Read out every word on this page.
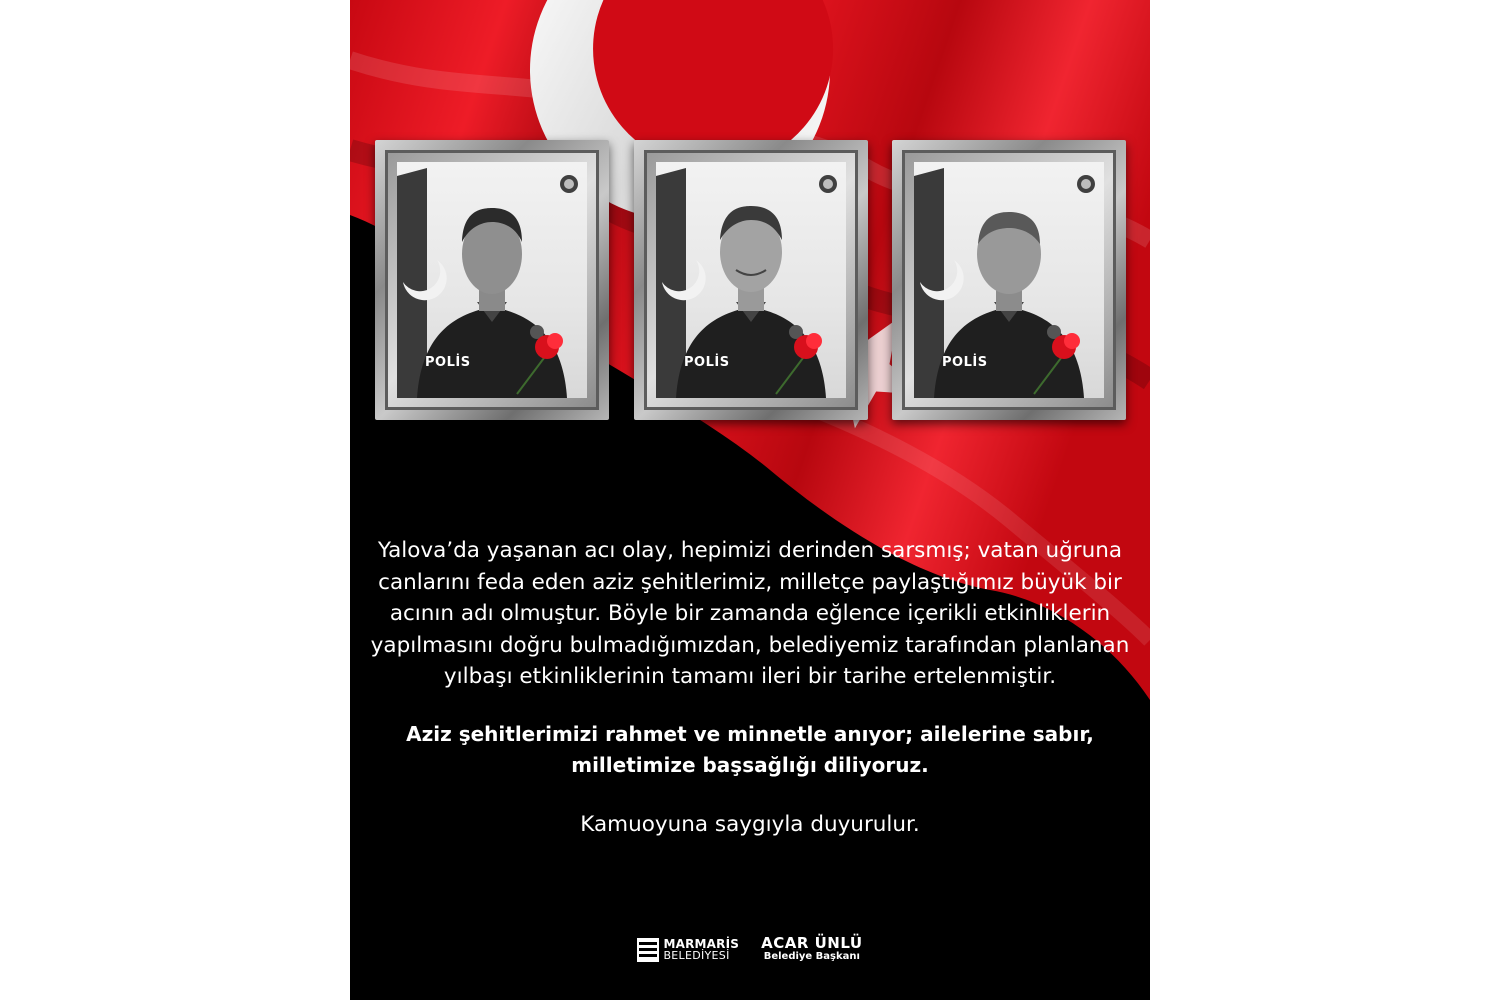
POLİS	POLİS	POLİS

Yalova’da yaşanan acı olay, hepimizi derinden sarsmış; vatan uğruna canlarını feda eden aziz şehitlerimiz, milletçe paylaştığımız büyük bir acının adı olmuştur. Böyle bir zamanda eğlence içerikli etkinliklerin yapılmasını doğru bulmadığımızdan, belediyemiz tarafından planlanan yılbaşı etkinliklerinin tamamı ileri bir tarihe ertelenmiştir.

Aziz şehitlerimizi rahmet ve minnetle anıyor; ailelerine sabır, milletimize başsağlığı diliyoruz.

Kamuoyuna saygıyla duyurulur.

MARMARİS
BELEDİYESİ
ACAR ÜNLÜ
Belediye Başkanı
